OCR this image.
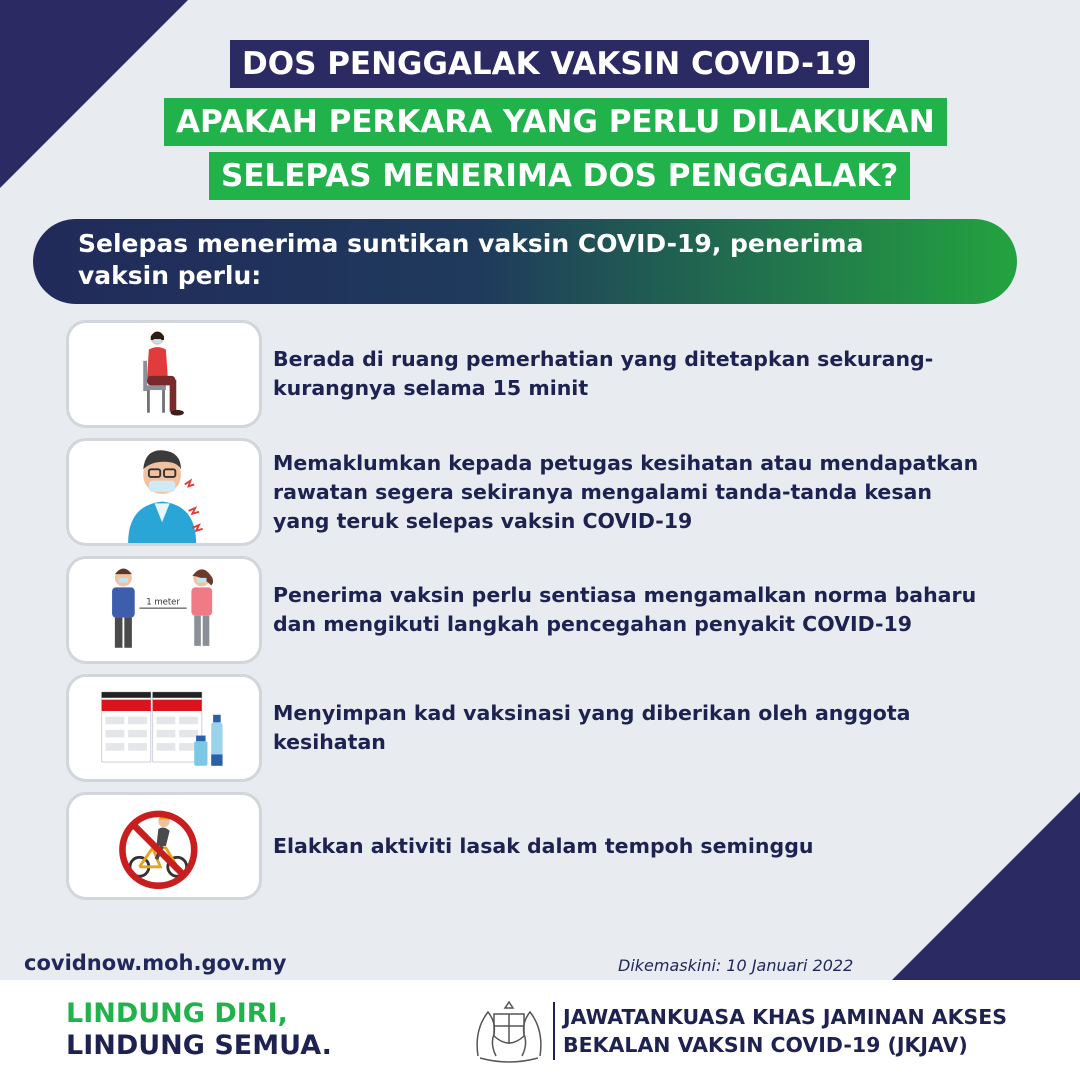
DOS PENGGALAK VAKSIN COVID-19
APAKAH PERKARA YANG PERLU DILAKUKAN
SELEPAS MENERIMA DOS PENGGALAK?
Selepas menerima suntikan vaksin COVID-19, penerima
vaksin perlu:
Berada di ruang pemerhatian yang ditetapkan sekurang-
kurangnya selama 15 minit
Memaklumkan kepada petugas kesihatan atau mendapatkan
rawatan segera sekiranya mengalami tanda-tanda kesan
yang teruk selepas vaksin COVID-19
1 meter	Penerima vaksin perlu sentiasa mengamalkan norma baharu
dan mengikuti langkah pencegahan penyakit COVID-19
Menyimpan kad vaksinasi yang diberikan oleh anggota
kesihatan
Elakkan aktiviti lasak dalam tempoh seminggu
covidnow.moh.gov.my	Dikemaskini: 10 Januari 2022
LINDUNG DIRI,
LINDUNG SEMUA.
JAWATANKUASA KHAS JAMINAN AKSES
BEKALAN VAKSIN COVID-19 (JKJAV)
